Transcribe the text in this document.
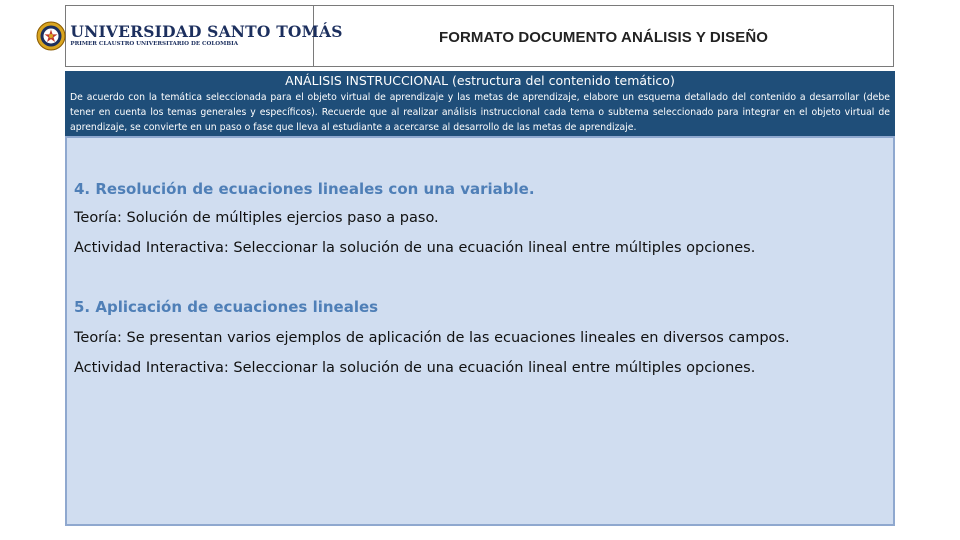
UNIVERSIDAD SANTO TOMÁS
PRIMER CLAUSTRO UNIVERSITARIO DE COLOMBIA	FORMATO DOCUMENTO ANÁLISIS Y DISEÑO
ANÁLISIS INSTRUCCIONAL (estructura del contenido temático)
De acuerdo con la temática seleccionada para el objeto virtual de aprendizaje y las metas de aprendizaje, elabore un esquema detallado del contenido a desarrollar (debe tener en cuenta los temas generales y específicos). Recuerde que al realizar análisis instruccional cada tema o subtema seleccionado para integrar en el objeto virtual de aprendizaje, se convierte en un paso o fase que lleva al estudiante a acercarse al desarrollo de las metas de aprendizaje.

4. Resolución de ecuaciones lineales con una variable.

Teoría: Solución de múltiples ejercios paso a paso.

Actividad Interactiva: Seleccionar la solución de una ecuación lineal entre múltiples opciones.

5. Aplicación de ecuaciones lineales

Teoría: Se presentan varios ejemplos de aplicación de las ecuaciones lineales en diversos campos.

Actividad Interactiva: Seleccionar la solución de una ecuación lineal entre múltiples opciones.
